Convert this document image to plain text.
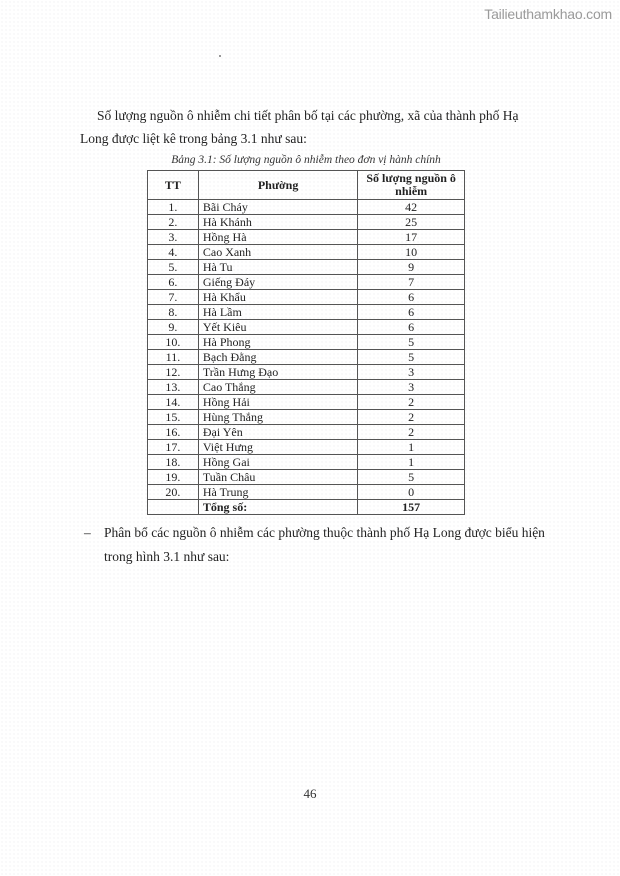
Tailieuthamkhao.com

Số lượng nguồn ô nhiễm chi tiết phân bố tại các phường, xã của thành phố Hạ Long được liệt kê trong bảng 3.1 như sau:

Bảng 3.1: Số lượng nguồn ô nhiễm theo đơn vị hành chính
TT	Phường	Số lượng nguồn ô nhiễm
1.	Bãi Cháy	42
2.	Hà Khánh	25
3.	Hồng Hà	17
4.	Cao Xanh	10
5.	Hà Tu	9
6.	Giếng Đáy	7
7.	Hà Khẩu	6
8.	Hà Lầm	6
9.	Yết Kiêu	6
10.	Hà Phong	5
11.	Bạch Đằng	5
12.	Trần Hưng Đạo	3
13.	Cao Thắng	3
14.	Hồng Hải	2
15.	Hùng Thắng	2
16.	Đại Yên	2
17.	Việt Hưng	1
18.	Hồng Gai	1
19.	Tuần Châu	5
20.	Hà Trung	0
	Tổng số:	157
– Phân bổ các nguồn ô nhiễm các phường thuộc thành phố Hạ Long được biểu hiện trong hình 3.1 như sau:
46
